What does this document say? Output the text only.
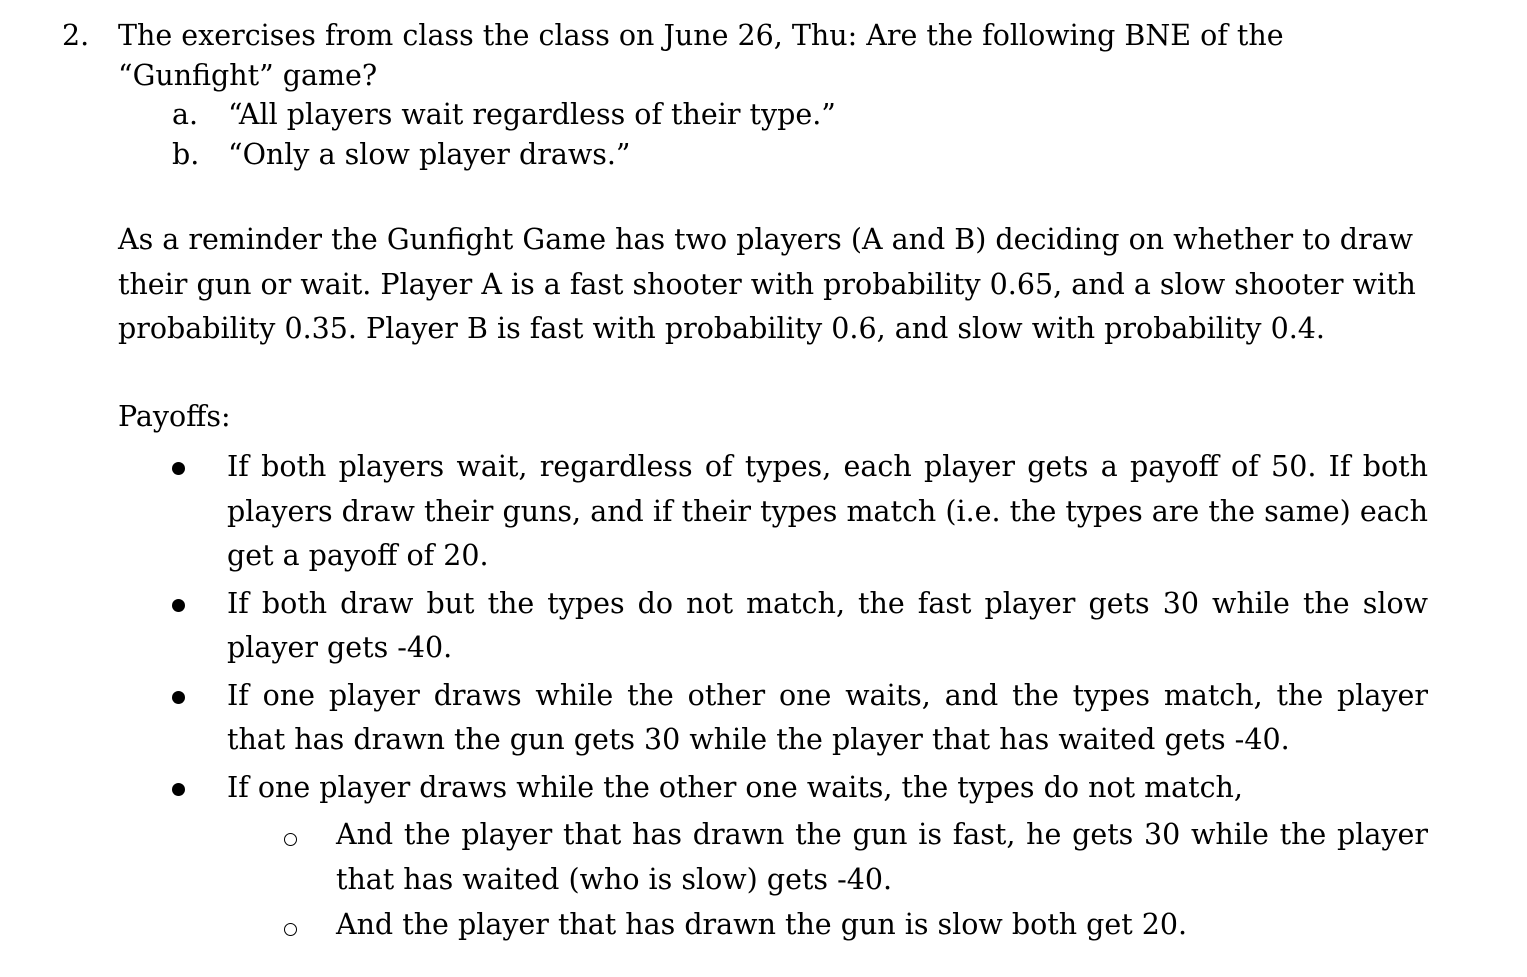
2. The exercises from class the class on June 26, Thu: Are the following BNE of the “Gunfight” game?
a. “All players wait regardless of their type.”
b. “Only a slow player draws.”
As a reminder the Gunfight Game has two players (A and B) deciding on whether to draw their gun or wait. Player A is a fast shooter with probability 0.65, and a slow shooter with probability 0.35. Player B is fast with probability 0.6, and slow with probability 0.4.
Payoffs:
If both players wait, regardless of types, each player gets a payoff of 50. If both players draw their guns, and if their types match (i.e. the types are the same) each get a payoff of 20.
If both draw but the types do not match, the fast player gets 30 while the slow player gets -40.
If one player draws while the other one waits, and the types match, the player that has drawn the gun gets 30 while the player that has waited gets -40.
If one player draws while the other one waits, the types do not match,
And the player that has drawn the gun is fast, he gets 30 while the player that has waited (who is slow) gets -40.
And the player that has drawn the gun is slow both get 20.
